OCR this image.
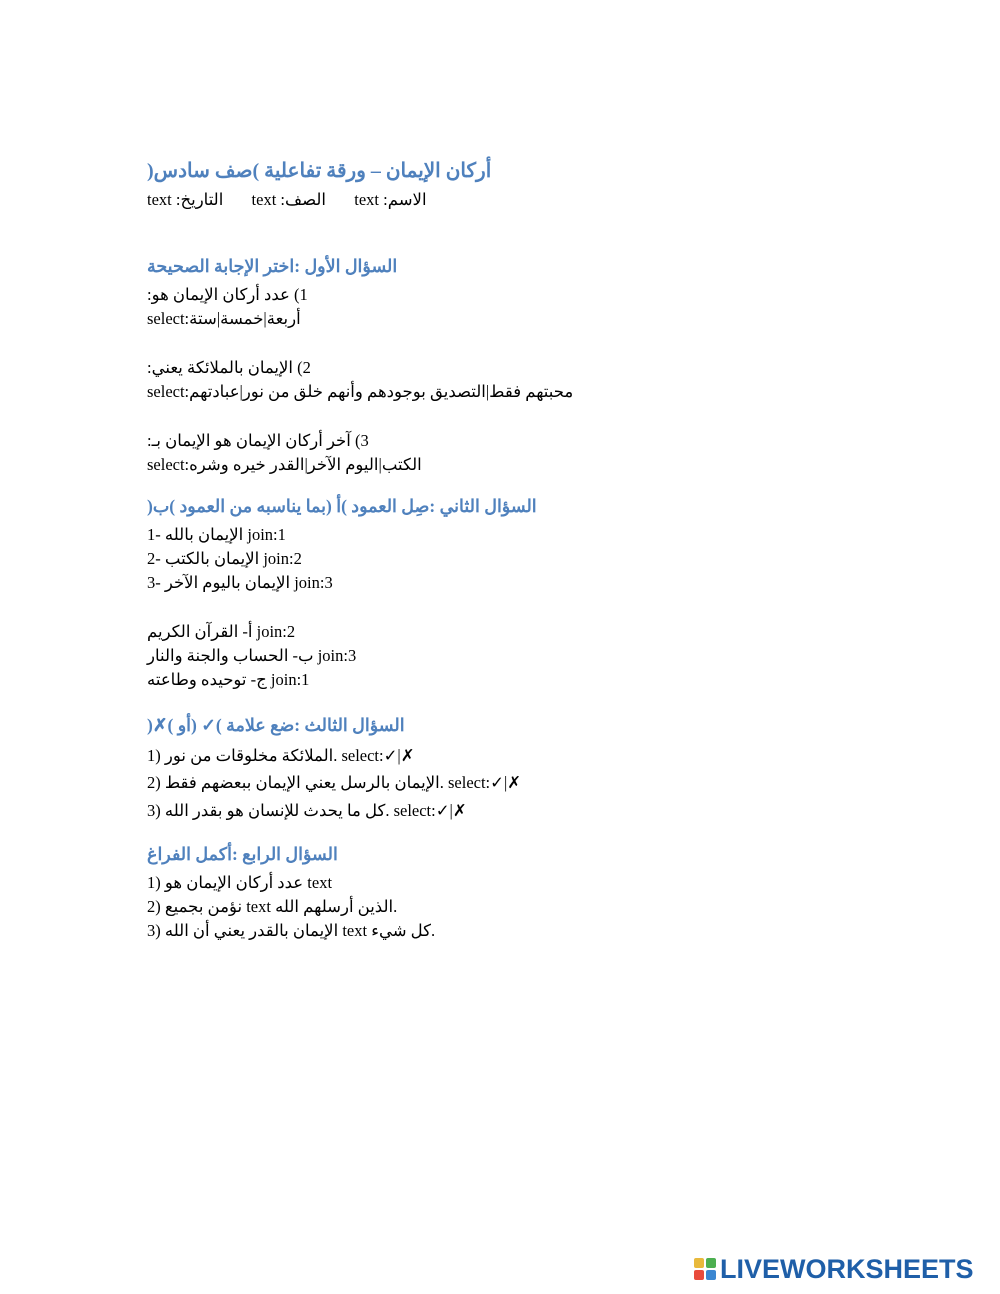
أركان الإيمان – ورقة تفاعلية )صف سادس(
الاسم: text  الصف: text  التاريخ: text
السؤال الأول :اختر الإجابة الصحيحة
1) عدد أركان الإيمان هو:
select:أربعة|خمسة|ستة
2) الإيمان بالملائكة يعني:
select:محبتهم فقط|التصديق بوجودهم وأنهم خلق من نور|عبادتهم
3) آخر أركان الإيمان هو الإيمان بـ:
select:الكتب|اليوم الآخر|القدر خيره وشره
السؤال الثاني :صِل العمود )أ (بما يناسبه من العمود )ب(
1- الإيمان بالله join:1
2- الإيمان بالكتب join:2
3- الإيمان باليوم الآخر join:3
أ- القرآن الكريم join:2
ب- الحساب والجنة والنار join:3
ج- توحيده وطاعته join:1
السؤال الثالث :ضع علامة )✓ (أو )✗(
1) الملائكة مخلوقات من نور. select:✓|✗
2) الإيمان بالرسل يعني الإيمان ببعضهم فقط. select:✓|✗
3) كل ما يحدث للإنسان هو بقدر الله. select:✓|✗
السؤال الرابع :أكمل الفراغ
1) عدد أركان الإيمان هو text
2) نؤمن بجميع text الذين أرسلهم الله.
3) الإيمان بالقدر يعني أن الله text كل شيء.
LIVEWORKSHEETS
